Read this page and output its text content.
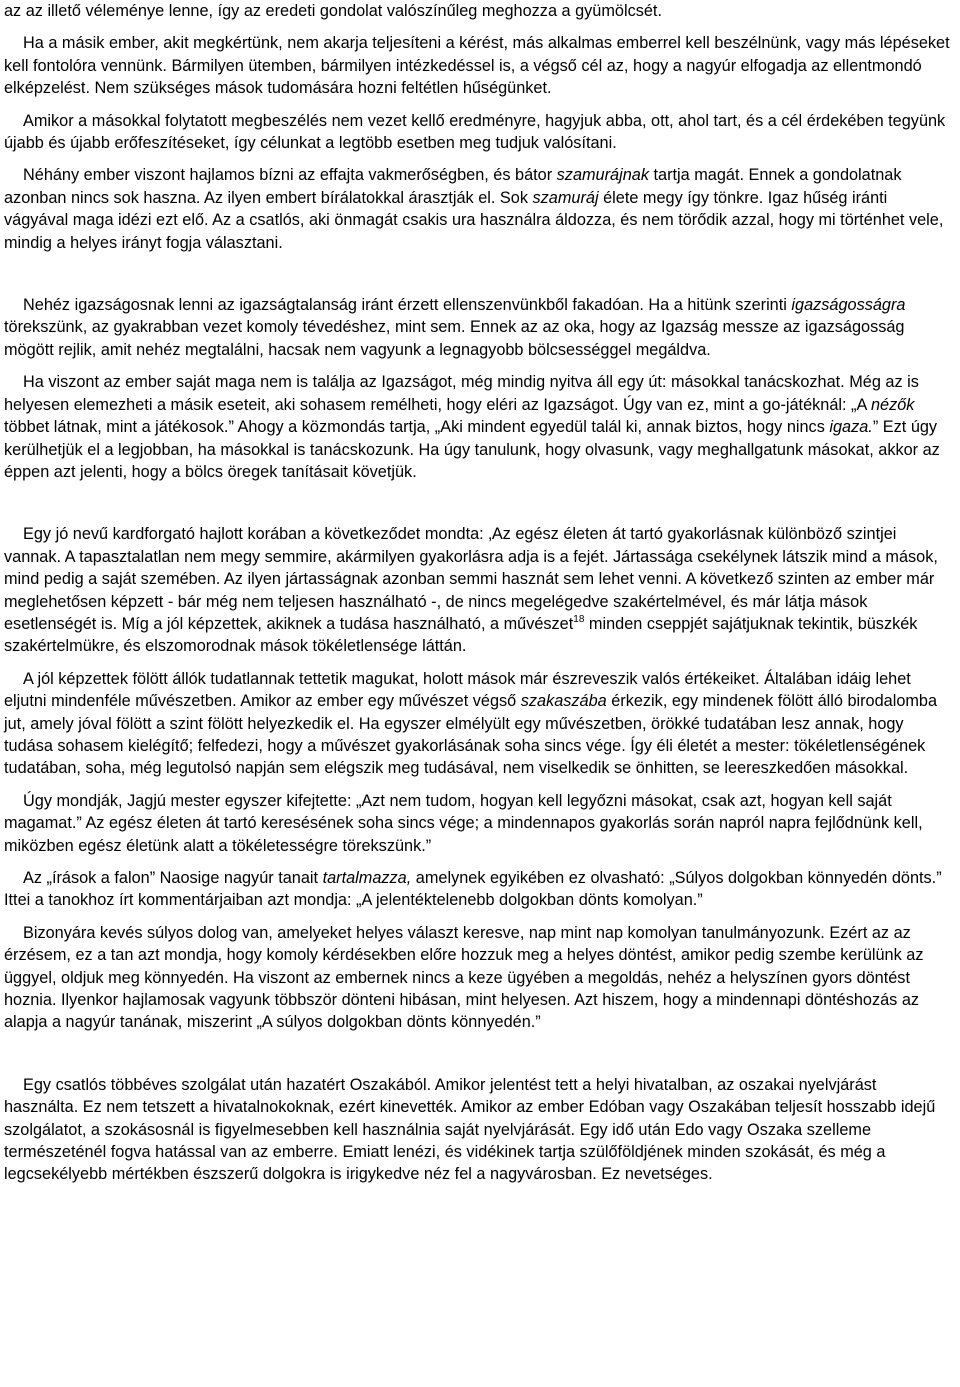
az az illető véleménye lenne, így az eredeti gondolat valószínűleg meghozza a gyümölcsét.

Ha a másik ember, akit megkértünk, nem akarja teljesíteni a kérést, más alkalmas emberrel kell beszélnünk, vagy más lépéseket kell fontolóra vennünk. Bármilyen ütemben, bármilyen intézkedéssel is, a végső cél az, hogy a nagyúr elfogadja az ellentmondó elképzelést. Nem szükséges mások tudomására hozni feltétlen hűségünket.

Amikor a másokkal folytatott megbeszélés nem vezet kellő eredményre, hagyjuk abba, ott, ahol tart, és a cél érdekében tegyünk újabb és újabb erőfeszítéseket, így célunkat a legtöbb esetben meg tudjuk valósítani.

Néhány ember viszont hajlamos bízni az effajta vakmerőségben, és bátor szamurájnak tartja magát. Ennek a gondolatnak azonban nincs sok haszna. Az ilyen embert bírálatokkal árasztják el. Sok szamuráj élete megy így tönkre. Igaz hűség iránti vágyával maga idézi ezt elő. Az a csatlós, aki önmagát csakis ura használra áldozza, és nem törődik azzal, hogy mi történhet vele, mindig a helyes irányt fogja választani.

Nehéz igazságosnak lenni az igazságtalanság iránt érzett ellenszenvünkből fakadóan. Ha a hitünk szerinti igazságosságra törekszünk, az gyakrabban vezet komoly tévedéshez, mint sem. Ennek az az oka, hogy az Igazság messze az igazságosság mögött rejlik, amit nehéz megtalálni, hacsak nem vagyunk a legnagyobb bölcsességgel megáldva.

Ha viszont az ember saját maga nem is találja az Igazságot, még mindig nyitva áll egy út: másokkal tanácskozhat. Még az is helyesen elemezheti a másik eseteit, aki sohasem remélheti, hogy eléri az Igazságot. Úgy van ez, mint a go-játéknál: „A nézők többet látnak, mint a játékosok.” Ahogy a közmondás tartja, „Aki mindent egyedül talál ki, annak biztos, hogy nincs igaza.” Ezt úgy kerülhetjük el a legjobban, ha másokkal is tanácskozunk. Ha úgy tanulunk, hogy olvasunk, vagy meghallgatunk másokat, akkor az éppen azt jelenti, hogy a bölcs öregek tanításait követjük.

Egy jó nevű kardforgató hajlott korában a következődet mondta: ‚Az egész életen át tartó gyakorlásnak különböző szintjei vannak. A tapasztalatlan nem megy semmire, akármilyen gyakorlásra adja is a fejét. Jártassága csekélynek látszik mind a mások, mind pedig a saját szemében. Az ilyen jártasságnak azonban semmi hasznát sem lehet venni. A következő szinten az ember már meglehetősen képzett - bár még nem teljesen használható -, de nincs megelégedve szakértelmével, és már látja mások esetlenségét is. Míg a jól képzettek, akiknek a tudása használható, a művészet$^{18}$ minden cseppjét sajátjuknak tekintik, büszkék szakértelmükre, és elszomorodnak mások tökéletlensége láttán.

A jól képzettek fölött állók tudatlannak tettetik magukat, holott mások már észreveszik valós értékeiket. Általában idáig lehet eljutni mindenféle művészetben. Amikor az ember egy művészet végső szakaszába érkezik, egy mindenek fölött álló birodalomba jut, amely jóval fölött a szint fölött helyezkedik el. Ha egyszer elmélyült egy művészetben, örökké tudatában lesz annak, hogy tudása sohasem kielégítő; felfedezi, hogy a művészet gyakorlásának soha sincs vége. Így éli életét a mester: tökéletlenségének tudatában, soha, még legutolsó napján sem elégszik meg tudásával, nem viselkedik se önhitten, se leereszkedően másokkal.

Úgy mondják, Jagjú mester egyszer kifejtette: „Azt nem tudom, hogyan kell legyőzni másokat, csak azt, hogyan kell saját magamat.” Az egész életen át tartó keresésének soha sincs vége; a mindennapos gyakorlás során napról napra fejlődnünk kell, miközben egész életünk alatt a tökéletességre törekszünk.”

Az „írások a falon” Naosige nagyúr tanait tartalmazza, amelynek egyikében ez olvasható: „Súlyos dolgokban könnyedén dönts.” Ittei a tanokhoz írt kommentárjaiban azt mondja: „A jelentéktelenebb dolgokban dönts komolyan.”

Bizonyára kevés súlyos dolog van, amelyeket helyes választ keresve, nap mint nap komolyan tanulmányozunk. Ezért az az érzésem, ez a tan azt mondja, hogy komoly kérdésekben előre hozzuk meg a helyes döntést, amikor pedig szembe kerülünk az üggyel, oldjuk meg könnyedén. Ha viszont az embernek nincs a keze ügyében a megoldás, nehéz a helyszínen gyors döntést hoznia. Ilyenkor hajlamosak vagyunk többször dönteni hibásan, mint helyesen. Azt hiszem, hogy a mindennapi döntéshozás az alapja a nagyúr tanának, miszerint „A súlyos dolgokban dönts könnyedén.”

Egy csatlós többéves szolgálat után hazatért Oszakából. Amikor jelentést tett a helyi hivatalban, az oszakai nyelvjárást használta. Ez nem tetszett a hivatalnokoknak, ezért kinevették. Amikor az ember Edóban vagy Oszakában teljesít hosszabb idejű szolgálatot, a szokásosnál is figyelmesebben kell használnia saját nyelvjárását. Egy idő után Edo vagy Oszaka szelleme természeténél fogva hatással van az emberre. Emiatt lenézi, és vidékinek tartja szülőföldjének minden szokását, és még a legcsekélyebb mértékben észszerű dolgokra is irigykedve néz fel a nagyvárosban. Ez nevetséges.
